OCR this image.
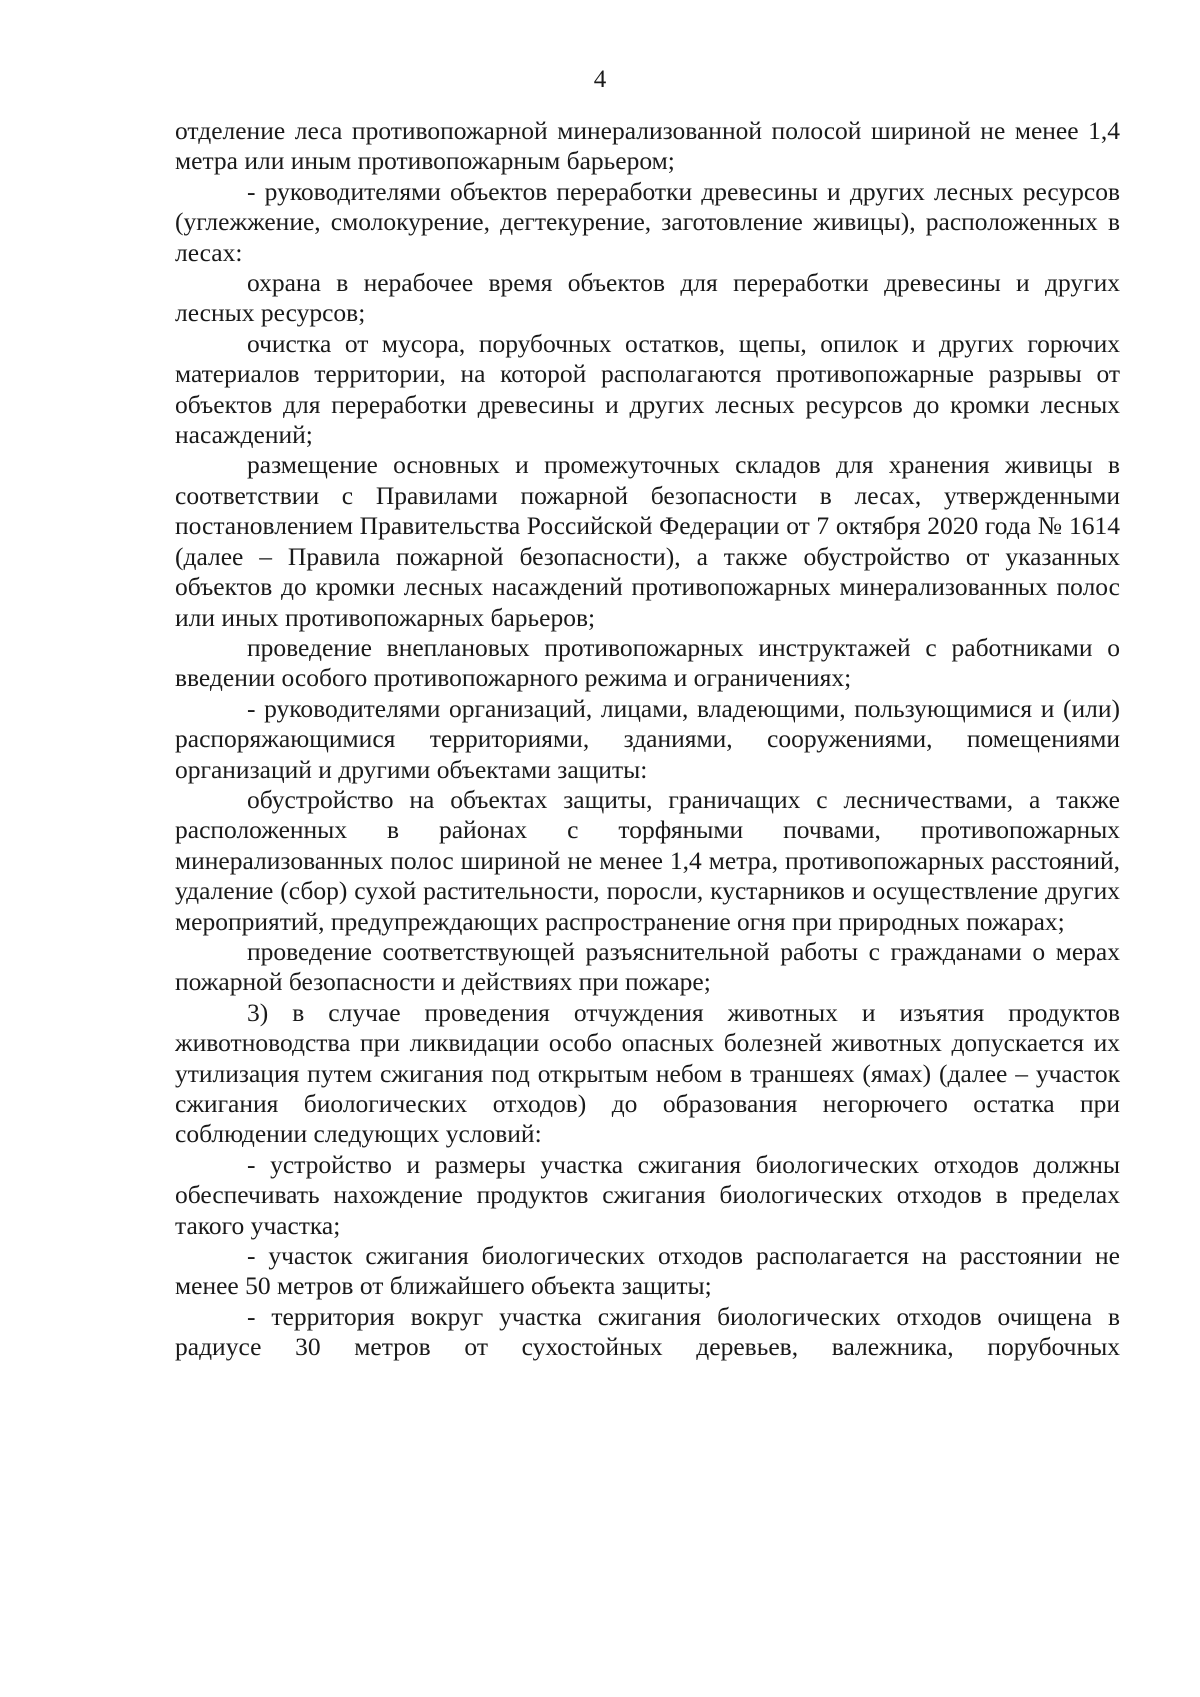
4

отделение леса противопожарной минерализованной полосой шириной не менее 1,4 метра или иным противопожарным барьером;

- руководителями объектов переработки древесины и других лесных ресурсов (углежжение, смолокурение, дегтекурение, заготовление живицы), расположенных в лесах:

охрана в нерабочее время объектов для переработки древесины и других лесных ресурсов;

очистка от мусора, порубочных остатков, щепы, опилок и других горючих материалов территории, на которой располагаются противопожарные разрывы от объектов для переработки древесины и других лесных ресурсов до кромки лесных насаждений;

размещение основных и промежуточных складов для хранения живицы в соответствии с Правилами пожарной безопасности в лесах, утвержденными постановлением Правительства Российской Федерации от 7 октября 2020 года № 1614 (далее – Правила пожарной безопасности), а также обустройство от указанных объектов до кромки лесных насаждений противопожарных минерализованных полос или иных противопожарных барьеров;

проведение внеплановых противопожарных инструктажей с работниками о введении особого противопожарного режима и ограничениях;

- руководителями организаций, лицами, владеющими, пользующимися и (или) распоряжающимися территориями, зданиями, сооружениями, помещениями организаций и другими объектами защиты:

обустройство на объектах защиты, граничащих с лесничествами, а также расположенных в районах с торфяными почвами, противопожарных минерализованных полос шириной не менее 1,4 метра, противопожарных расстояний, удаление (сбор) сухой растительности, поросли, кустарников и осуществление других мероприятий, предупреждающих распространение огня при природных пожарах;

проведение соответствующей разъяснительной работы с гражданами о мерах пожарной безопасности и действиях при пожаре;

3) в случае проведения отчуждения животных и изъятия продуктов животноводства при ликвидации особо опасных болезней животных допускается их утилизация путем сжигания под открытым небом в траншеях (ямах) (далее – участок сжигания биологических отходов) до образования негорючего остатка при соблюдении следующих условий:

- устройство и размеры участка сжигания биологических отходов должны обеспечивать нахождение продуктов сжигания биологических отходов в пределах такого участка;

- участок сжигания биологических отходов располагается на расстоянии не менее 50 метров от ближайшего объекта защиты;

- территория вокруг участка сжигания биологических отходов очищена в радиусе 30 метров от сухостойных деревьев, валежника, порубочных
